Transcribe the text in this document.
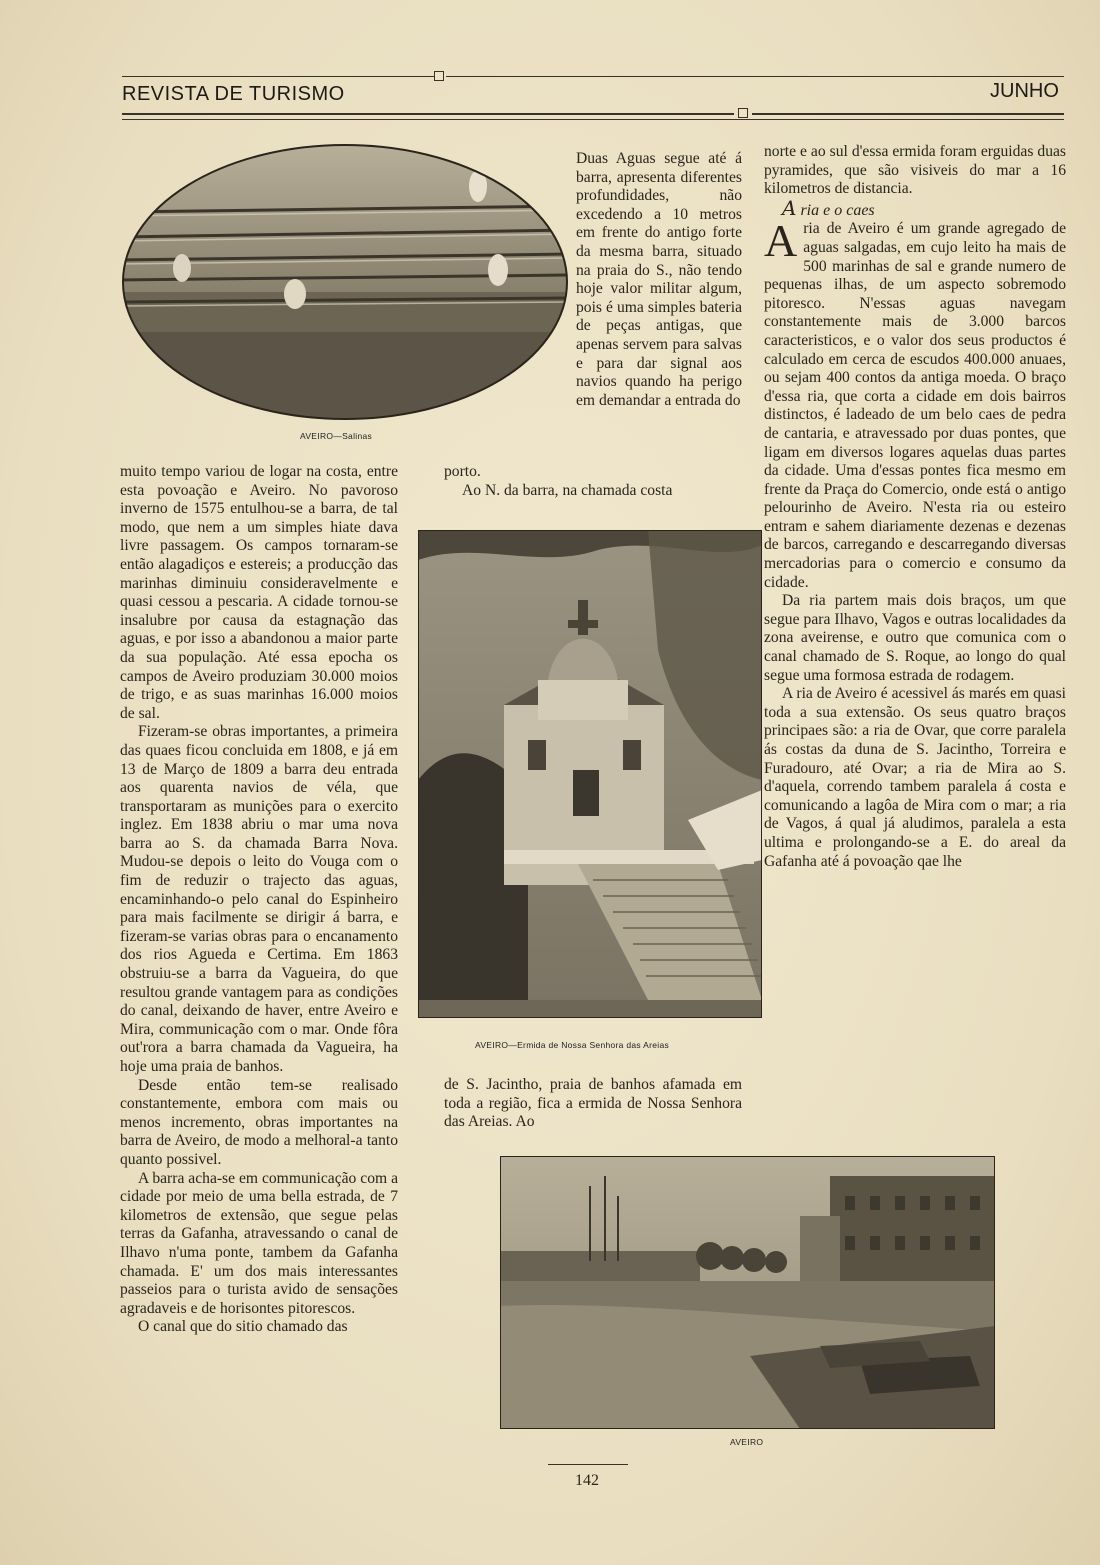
REVISTA DE TURISMO	JUNHO
AVEIRO—Salinas

muito tempo variou de logar na costa, entre esta povoação e Aveiro. No pavoroso inverno de 1575 entulhou-se a barra, de tal modo, que nem a um simples hiate dava livre passagem. Os campos tornaram-se então alagadiços e estereis; a producção das marinhas diminuiu consideravelmente e quasi cessou a pescaria. A cidade tornou-se insalubre por causa da estagnação das aguas, e por isso a abandonou a maior parte da sua população. Até essa epocha os campos de Aveiro produziam 30.000 moios de trigo, e as suas marinhas 16.000 moios de sal.

Fizeram-se obras importantes, a primeira das quaes ficou concluida em 1808, e já em 13 de Março de 1809 a barra deu entrada aos quarenta navios de véla, que transportaram as munições para o exercito inglez. Em 1838 abriu o mar uma nova barra ao S. da chamada Barra Nova. Mudou-se depois o leito do Vouga com o fim de reduzir o trajecto das aguas, encaminhando-o pelo canal do Espinheiro para mais facilmente se dirigir á barra, e fizeram-se varias obras para o encanamento dos rios Agueda e Certima. Em 1863 obstruiu-se a barra da Vagueira, do que resultou grande vantagem para as condições do canal, deixando de haver, entre Aveiro e Mira, communicação com o mar. Onde fôra out'rora a barra chamada da Vagueira, ha hoje uma praia de banhos.

Desde então tem-se realisado constantemente, embora com mais ou menos incremento, obras importantes na barra de Aveiro, de modo a melhoral-a tanto quanto possivel.

A barra acha-se em communicação com a cidade por meio de uma bella estrada, de 7 kilometros de extensão, que segue pelas terras da Gafanha, atravessando o canal de Ilhavo n'uma ponte, tambem da Gafanha chamada. E' um dos mais interessantes passeios para o turista avido de sensações agradaveis e de horisontes pitorescos.

O canal que do sitio chamado das

Duas Aguas segue até á barra, apresenta diferentes profundidades, não excedendo a 10 metros em frente do antigo forte da mesma barra, situado na praia do S., não tendo hoje valor militar algum, pois é uma simples bateria de peças antigas, que apenas servem para salvas e para dar signal aos navios quando ha perigo em demandar a entrada do

porto.

Ao N. da barra, na chamada costa

AVEIRO—Ermida de Nossa Senhora das Areias

de S. Jacintho, praia de banhos afamada em toda a região, fica a ermida de Nossa Senhora das Areias. Ao

norte e ao sul d'essa ermida foram erguidas duas pyramides, que são visiveis do mar a 16 kilometros de distancia.

A ria e o caes

Aria de Aveiro é um grande agregado de aguas salgadas, em cujo leito ha mais de 500 marinhas de sal e grande numero de pequenas ilhas, de um aspecto sobremodo pitoresco. N'essas aguas navegam constantemente mais de 3.000 barcos caracteristicos, e o valor dos seus productos é calculado em cerca de escudos 400.000 anuaes, ou sejam 400 contos da antiga moeda. O braço d'essa ria, que corta a cidade em dois bairros distinctos, é ladeado de um belo caes de pedra de cantaria, e atravessado por duas pontes, que ligam em diversos logares aquelas duas partes da cidade. Uma d'essas pontes fica mesmo em frente da Praça do Comercio, onde está o antigo pelourinho de Aveiro. N'esta ria ou esteiro entram e sahem diariamente dezenas e dezenas de barcos, carregando e descarregando diversas mercadorias para o comercio e consumo da cidade.

Da ria partem mais dois braços, um que segue para Ilhavo, Vagos e outras localidades da zona aveirense, e outro que comunica com o canal chamado de S. Roque, ao longo do qual segue uma formosa estrada de rodagem.

A ria de Aveiro é acessivel ás marés em quasi toda a sua extensão. Os seus quatro braços principaes são: a ria de Ovar, que corre paralela ás costas da duna de S. Jacintho, Torreira e Furadouro, até Ovar; a ria de Mira ao S. d'aquela, correndo tambem paralela á costa e comunicando a lagôa de Mira com o mar; a ria de Vagos, á qual já aludimos, paralela a esta ultima e prolongando-se a E. do areal da Gafanha até á povoação qae lhe

AVEIRO
142
